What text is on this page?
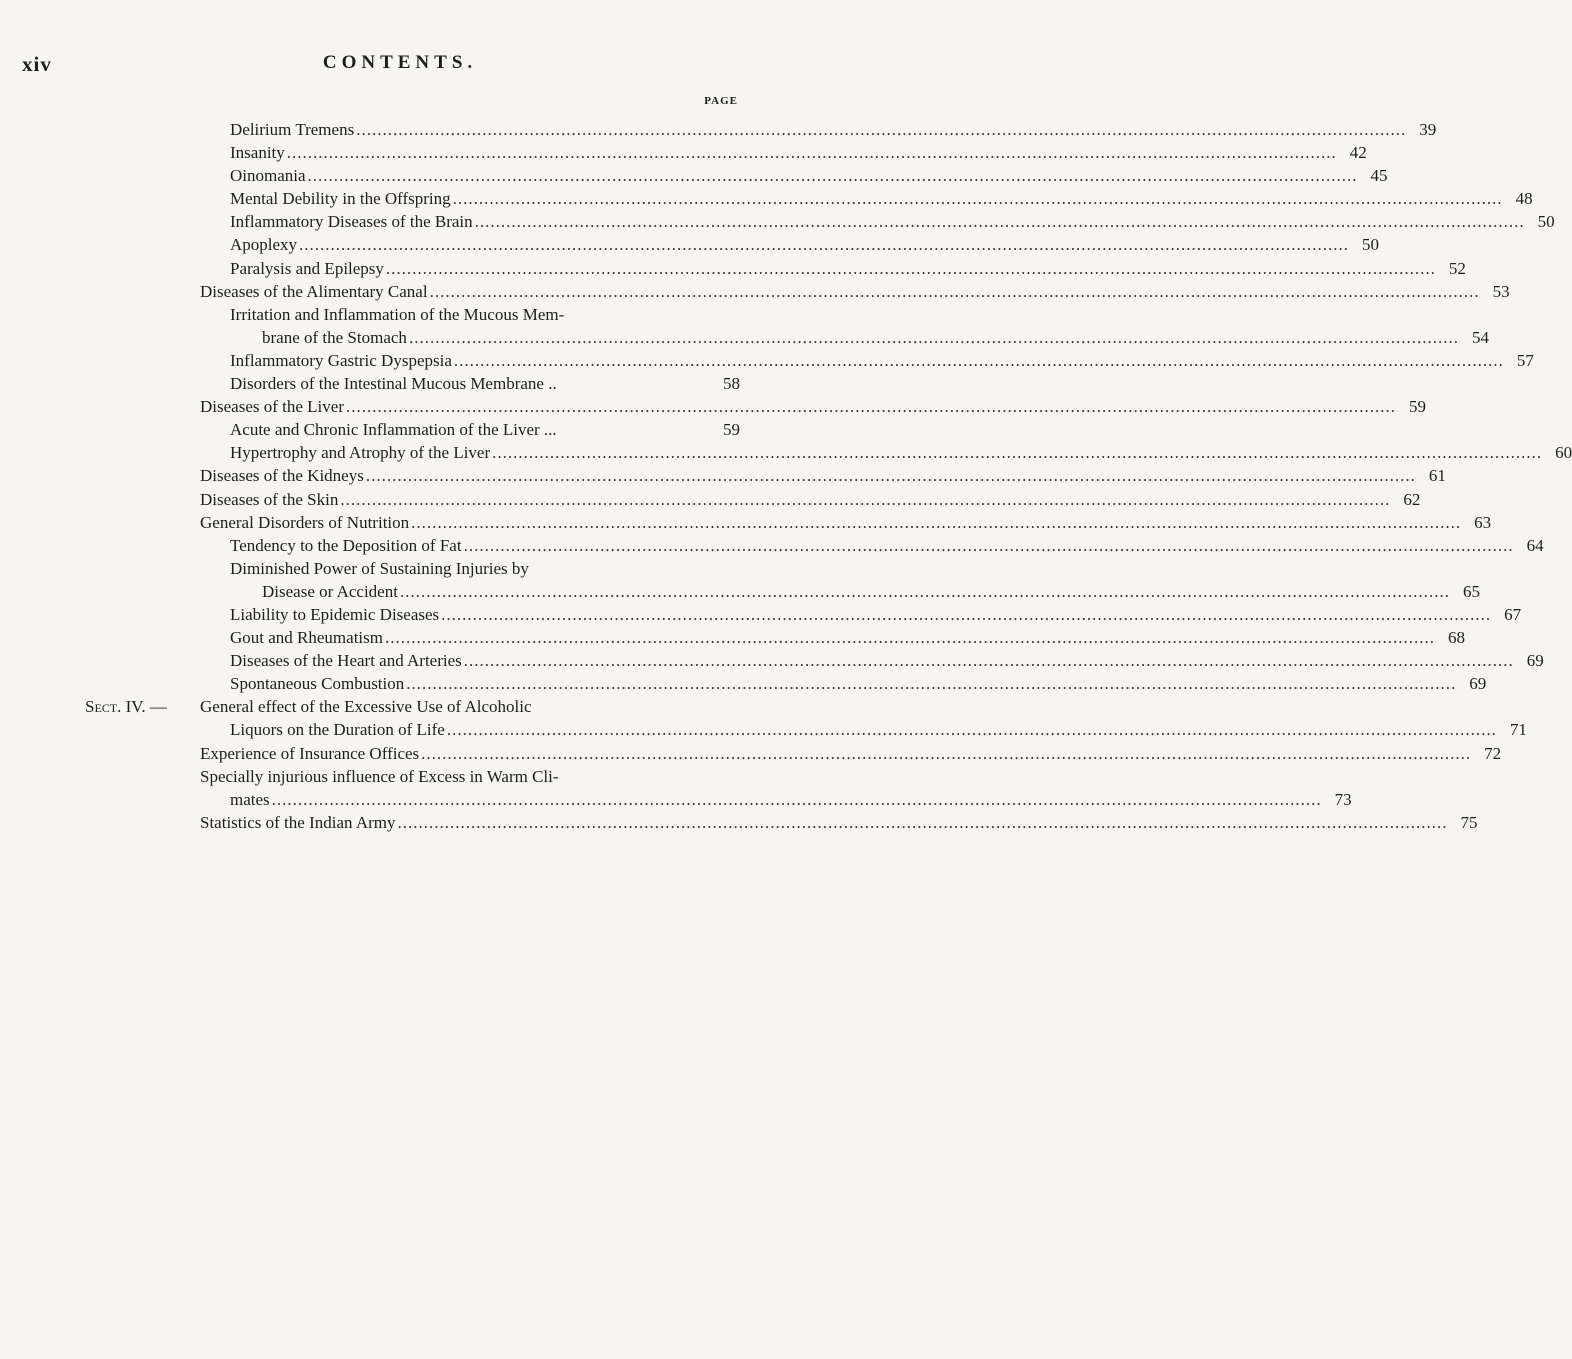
xiv	CONTENTS.
PAGE
Delirium Tremens ........................................................................................................................................................................................................ 39
Insanity ........................................................................................................................................................................................................ 42
Oinomania ........................................................................................................................................................................................................ 45
Mental Debility in the Offspring ........................................................................................................................................................................................................ 48
Inflammatory Diseases of the Brain ........................................................................................................................................................................................................ 50
Apoplexy ........................................................................................................................................................................................................ 50
Paralysis and Epilepsy ........................................................................................................................................................................................................ 52
Diseases of the Alimentary Canal ........................................................................................................................................................................................................ 53
Irritation and Inflammation of the Mucous Mem-
brane of the Stomach ........................................................................................................................................................................................................ 54
Inflammatory Gastric Dyspepsia ........................................................................................................................................................................................................ 57
Disorders of the Intestinal Mucous Membrane ..	58
Diseases of the Liver ........................................................................................................................................................................................................ 59
Acute and Chronic Inflammation of the Liver ...	59
Hypertrophy and Atrophy of the Liver ........................................................................................................................................................................................................ 60
Diseases of the Kidneys ........................................................................................................................................................................................................ 61
Diseases of the Skin ........................................................................................................................................................................................................ 62
General Disorders of Nutrition ........................................................................................................................................................................................................ 63
Tendency to the Deposition of Fat ........................................................................................................................................................................................................ 64
Diminished Power of Sustaining Injuries by
Disease or Accident ........................................................................................................................................................................................................ 65
Liability to Epidemic Diseases ........................................................................................................................................................................................................ 67
Gout and Rheumatism ........................................................................................................................................................................................................ 68
Diseases of the Heart and Arteries ........................................................................................................................................................................................................ 69
Spontaneous Combustion ........................................................................................................................................................................................................ 69
Sect. IV. — General effect of the Excessive Use of Alcoholic
Liquors on the Duration of Life ........................................................................................................................................................................................................ 71
Experience of Insurance Offices ........................................................................................................................................................................................................ 72
Specially injurious influence of Excess in Warm Cli-
mates ........................................................................................................................................................................................................ 73
Statistics of the Indian Army ........................................................................................................................................................................................................ 75
